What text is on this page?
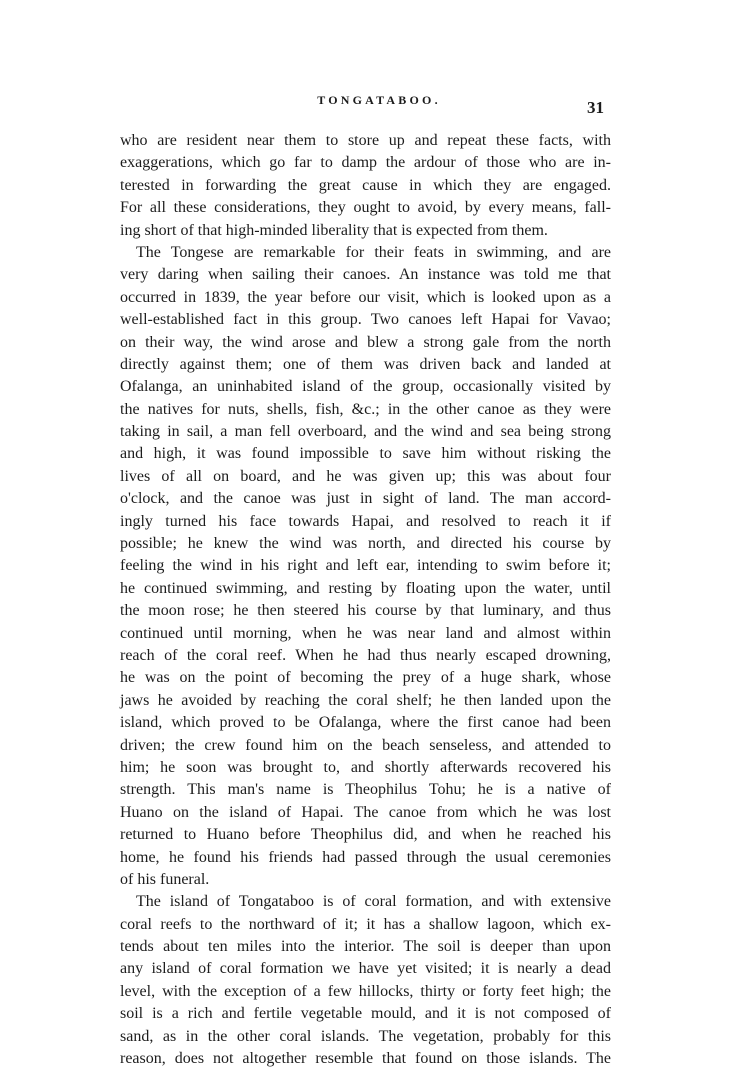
TONGATABOO.	31
who are resident near them to store up and repeat these facts, with
exaggerations, which go far to damp the ardour of those who are in-
terested in forwarding the great cause in which they are engaged.
For all these considerations, they ought to avoid, by every means, fall-
ing short of that high-minded liberality that is expected from them.
The Tongese are remarkable for their feats in swimming, and are
very daring when sailing their canoes. An instance was told me that
occurred in 1839, the year before our visit, which is looked upon as a
well-established fact in this group. Two canoes left Hapai for Vavao;
on their way, the wind arose and blew a strong gale from the north
directly against them; one of them was driven back and landed at
Ofalanga, an uninhabited island of the group, occasionally visited by
the natives for nuts, shells, fish, &c.; in the other canoe as they were
taking in sail, a man fell overboard, and the wind and sea being strong
and high, it was found impossible to save him without risking the
lives of all on board, and he was given up; this was about four
o'clock, and the canoe was just in sight of land. The man accord-
ingly turned his face towards Hapai, and resolved to reach it if
possible; he knew the wind was north, and directed his course by
feeling the wind in his right and left ear, intending to swim before it;
he continued swimming, and resting by floating upon the water, until
the moon rose; he then steered his course by that luminary, and thus
continued until morning, when he was near land and almost within
reach of the coral reef. When he had thus nearly escaped drowning,
he was on the point of becoming the prey of a huge shark, whose
jaws he avoided by reaching the coral shelf; he then landed upon the
island, which proved to be Ofalanga, where the first canoe had been
driven; the crew found him on the beach senseless, and attended to
him; he soon was brought to, and shortly afterwards recovered his
strength. This man's name is Theophilus Tohu; he is a native of
Huano on the island of Hapai. The canoe from which he was lost
returned to Huano before Theophilus did, and when he reached his
home, he found his friends had passed through the usual ceremonies
of his funeral.
The island of Tongataboo is of coral formation, and with extensive
coral reefs to the northward of it; it has a shallow lagoon, which ex-
tends about ten miles into the interior. The soil is deeper than upon
any island of coral formation we have yet visited; it is nearly a dead
level, with the exception of a few hillocks, thirty or forty feet high; the
soil is a rich and fertile vegetable mould, and it is not composed of
sand, as in the other coral islands. The vegetation, probably for this
reason, does not altogether resemble that found on those islands. The
